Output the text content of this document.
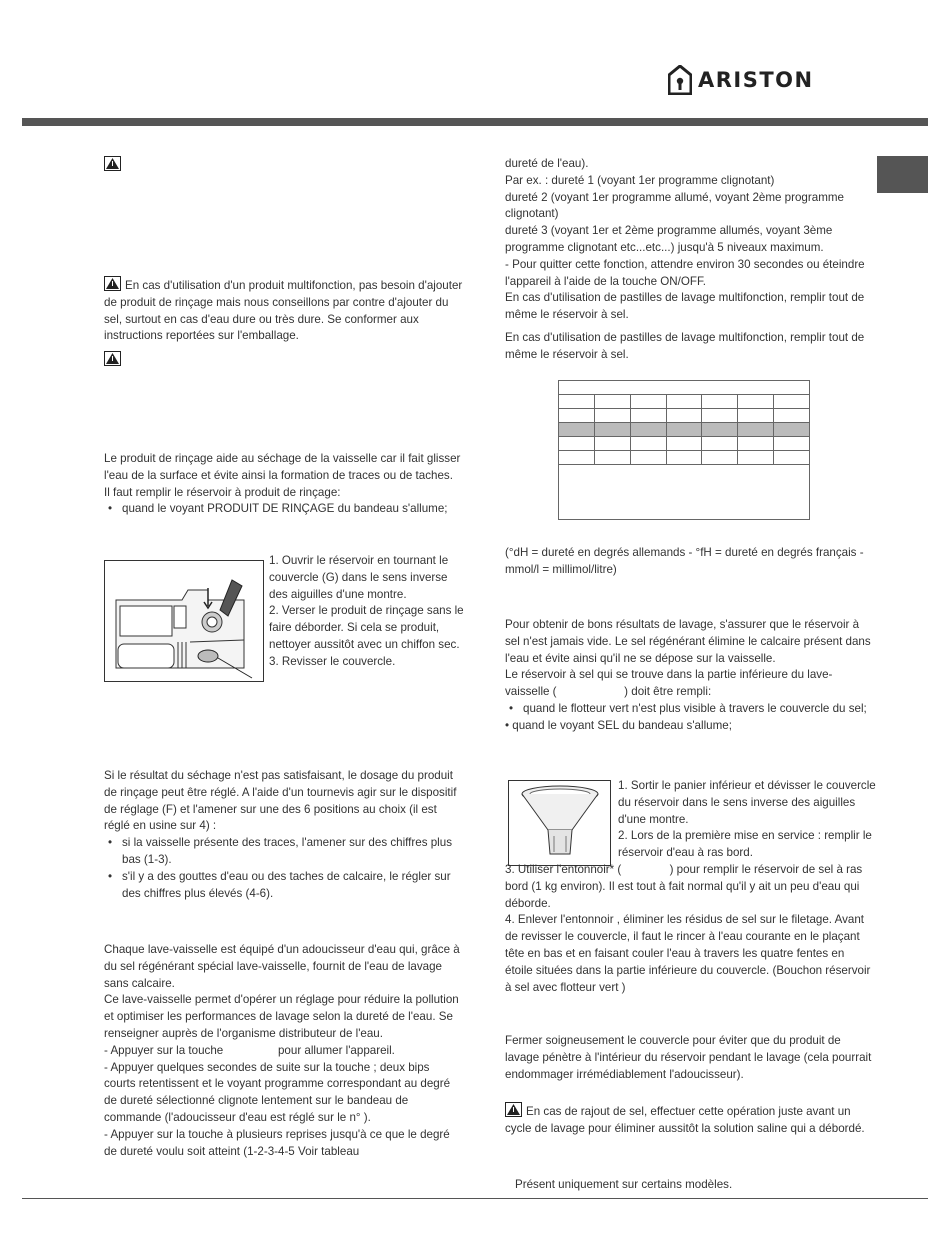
ARISTON

En cas d'utilisation d'un produit multifonction, pas besoin d'ajouter de produit de rinçage mais nous conseillons par contre d'ajouter du sel, surtout en cas d'eau dure ou très dure. Se conformer aux instructions reportées sur l'emballage.

Le produit de rinçage aide au séchage de la vaisselle car il fait glisser l'eau de la surface et évite ainsi la formation de traces ou de taches.

Il faut remplir le réservoir à produit de rinçage:

• quand le voyant PRODUIT DE RINÇAGE du bandeau s'allume;

1. Ouvrir le réservoir en tournant le couvercle (G) dans le sens inverse des aiguilles d'une montre.

2. Verser le produit de rinçage sans le faire déborder. Si cela se produit, nettoyer aussitôt avec un chiffon sec.

3. Revisser le couvercle.

Si le résultat du séchage n'est pas satisfaisant, le dosage du produit de rinçage peut être réglé. A l'aide d'un tournevis agir sur le dispositif de réglage (F) et l'amener sur une des 6 positions au choix (il est réglé en usine sur 4) :

• si la vaisselle présente des traces, l'amener sur des chiffres plus bas (1-3).

• s'il y a des gouttes d'eau ou des taches de calcaire, le régler sur des chiffres plus élevés (4-6).

Chaque lave-vaisselle est équipé d'un adoucisseur d'eau qui, grâce à du sel régénérant spécial lave-vaisselle, fournit de l'eau de lavage sans calcaire.

Ce lave-vaisselle permet d'opérer un réglage pour réduire la pollution et optimiser les performances de lavage selon la dureté de l'eau. Se renseigner auprès de l'organisme distributeur de l'eau.

- Appuyer sur la touche                 pour allumer l'appareil.

- Appuyer quelques secondes de suite sur la touche ; deux bips courts retentissent et le voyant programme correspondant au degré de dureté sélectionné clignote lentement sur le bandeau de commande (l'adoucisseur d'eau est réglé sur le n° ).

- Appuyer sur la touche à plusieurs reprises jusqu'à ce que le degré de dureté voulu soit atteint (1-2-3-4-5 Voir tableau

dureté de l'eau).

Par ex. : dureté 1 (voyant 1er programme clignotant)

dureté 2 (voyant 1er programme allumé, voyant 2ème programme clignotant)

dureté 3 (voyant 1er et 2ème programme allumés, voyant 3ème programme clignotant etc...etc...) jusqu'à 5 niveaux maximum.

- Pour quitter cette fonction, attendre environ 30 secondes ou éteindre l'appareil à l'aide de la touche ON/OFF.

En cas d'utilisation de pastilles de lavage multifonction, remplir tout de même le réservoir à sel.

En cas d'utilisation de pastilles de lavage multifonction, remplir tout de même le réservoir à sel.

(°dH = dureté en degrés allemands - °fH = dureté en degrés français - mmol/l = millimol/litre)

Pour obtenir de bons résultats de lavage, s'assurer que le réservoir à sel n'est jamais vide. Le sel régénérant élimine le calcaire présent dans l'eau et évite ainsi qu'il ne se dépose sur la vaisselle.

Le réservoir à sel qui se trouve dans la partie inférieure du lave-vaisselle (                     ) doit être rempli:

• quand le flotteur vert n'est plus visible à travers le couvercle du sel;

• quand le voyant SEL du bandeau s'allume;

1. Sortir le panier inférieur et dévisser le couvercle du réservoir dans le sens inverse des aiguilles d'une montre.

2. Lors de la première mise en service : remplir le réservoir d'eau à ras bord.

3. Utiliser l'entonnoir* (               ) pour remplir le réservoir de sel à ras bord (1 kg environ). Il est tout à fait normal qu'il y ait un peu d'eau qui déborde.

4. Enlever l'entonnoir , éliminer les résidus de sel sur le filetage. Avant de revisser le couvercle, il faut le rincer à l'eau courante en le plaçant tête en bas et en faisant couler l'eau à travers les quatre fentes en étoile situées dans la partie inférieure du couvercle. (Bouchon réservoir à sel avec flotteur vert )

Fermer soigneusement le couvercle pour éviter que du produit de lavage pénètre à l'intérieur du réservoir pendant le lavage (cela pourrait endommager irrémédiablement l'adoucisseur).

En cas de rajout de sel, effectuer cette opération juste avant un cycle de lavage pour éliminer aussitôt la solution saline qui a débordé.

Présent uniquement sur certains modèles.
